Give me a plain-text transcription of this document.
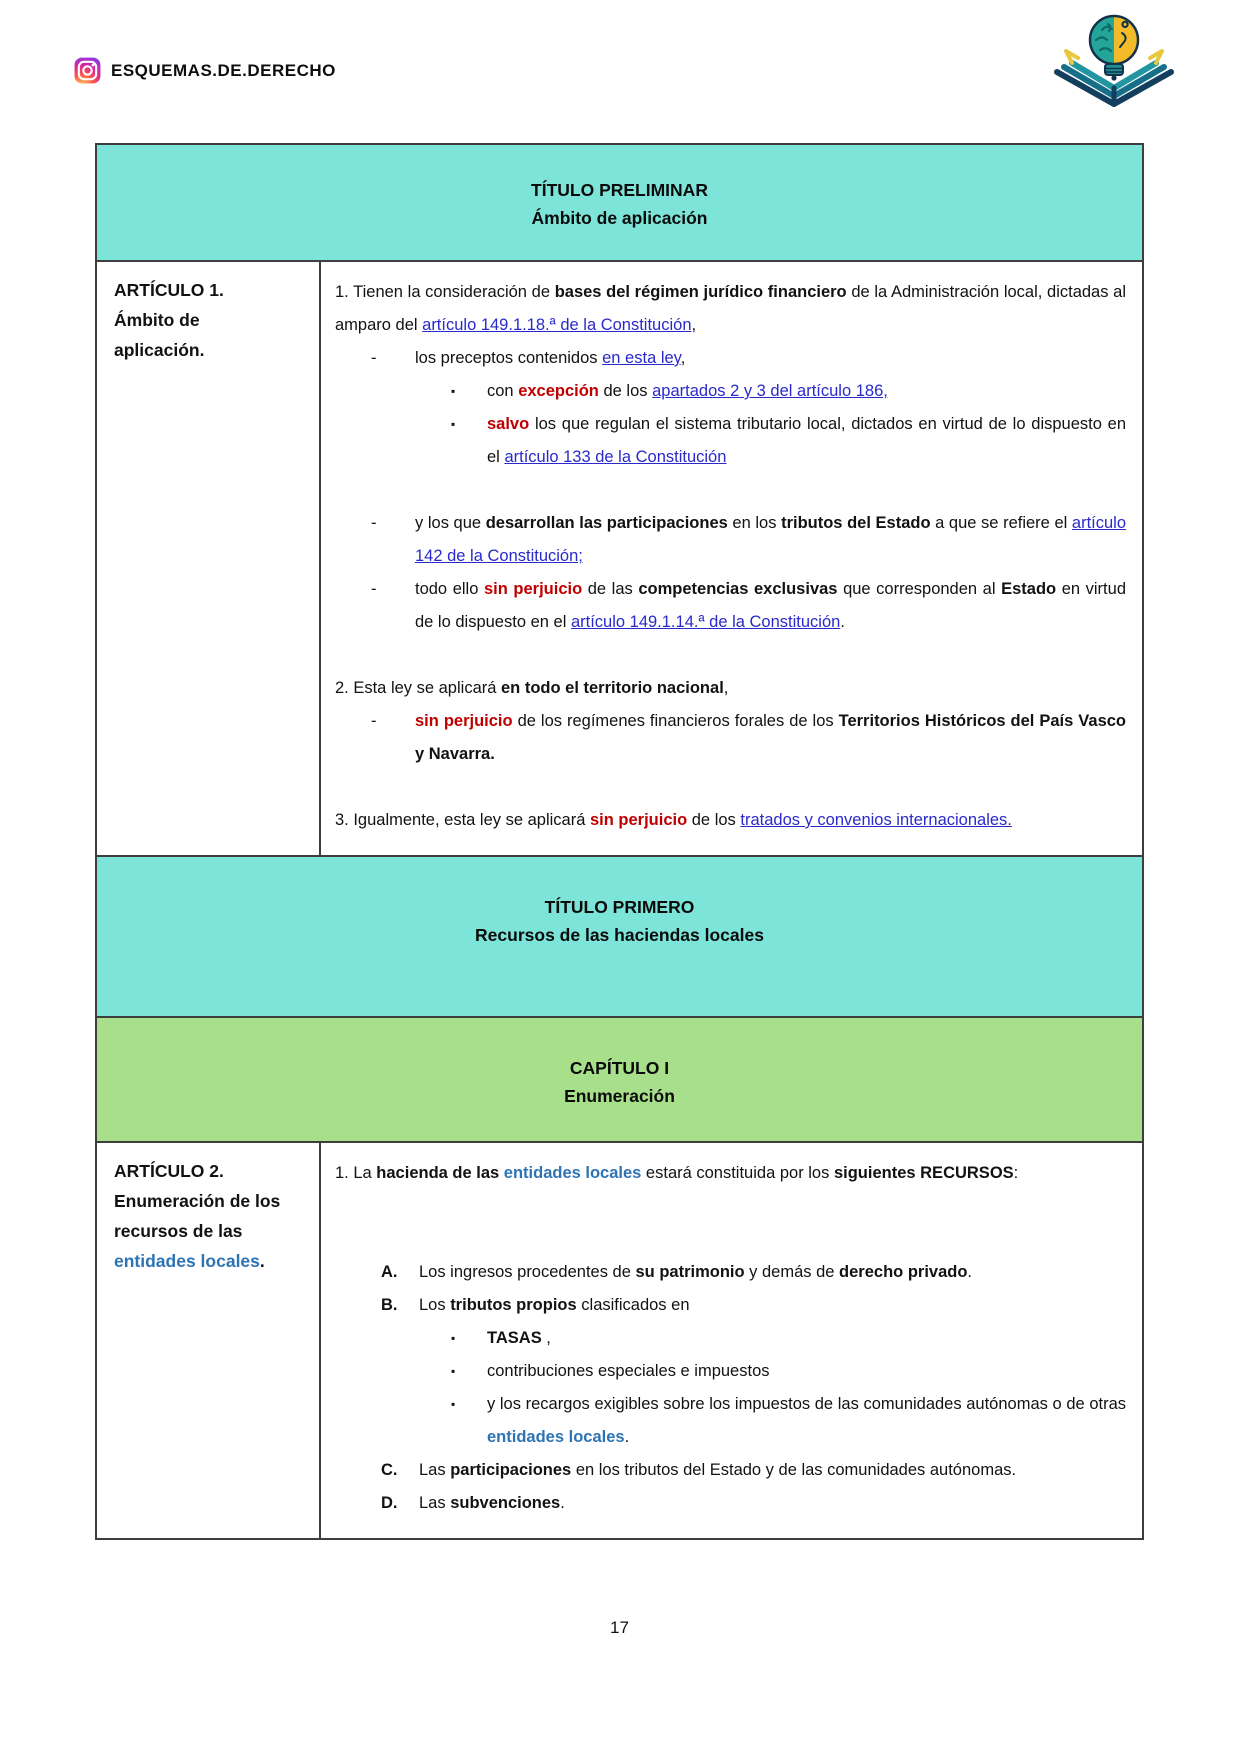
ESQUEMAS.DE.DERECHO
TÍTULO PRELIMINAR
Ámbito de aplicación
ARTÍCULO 1.
Ámbito de
aplicación.

1. Tienen la consideración de bases del régimen jurídico financiero de la Administración local, dictadas al amparo del artículo 149.1.18.ª de la Constitución,

-	los preceptos contenidos en esta ley,
▪	con excepción de los apartados 2 y 3 del artículo 186,
▪	salvo los que regulan el sistema tributario local, dictados en virtud de lo dispuesto en el artículo 133 de la Constitución
-	y los que desarrollan las participaciones en los tributos del Estado a que se refiere el artículo 142 de la Constitución;
-	todo ello sin perjuicio de las competencias exclusivas que corresponden al Estado en virtud de lo dispuesto en el artículo 149.1.14.ª de la Constitución.

2. Esta ley se aplicará en todo el territorio nacional,

-	sin perjuicio de los regímenes financieros forales de los Territorios Históricos del País Vasco y Navarra.

3. Igualmente, esta ley se aplicará sin perjuicio de los tratados y convenios internacionales.

TÍTULO PRIMERO
Recursos de las haciendas locales
CAPÍTULO I
Enumeración
ARTÍCULO 2.
Enumeración de los
recursos de las
entidades locales.

1. La hacienda de las entidades locales estará constituida por los siguientes RECURSOS:

A.	Los ingresos procedentes de su patrimonio y demás de derecho privado.
B.	Los tributos propios clasificados en
▪	TASAS ,
▪	contribuciones especiales e impuestos
▪	y los recargos exigibles sobre los impuestos de las comunidades autónomas o de otras entidades locales.
C.	Las participaciones en los tributos del Estado y de las comunidades autónomas.
D.	Las subvenciones.
17
